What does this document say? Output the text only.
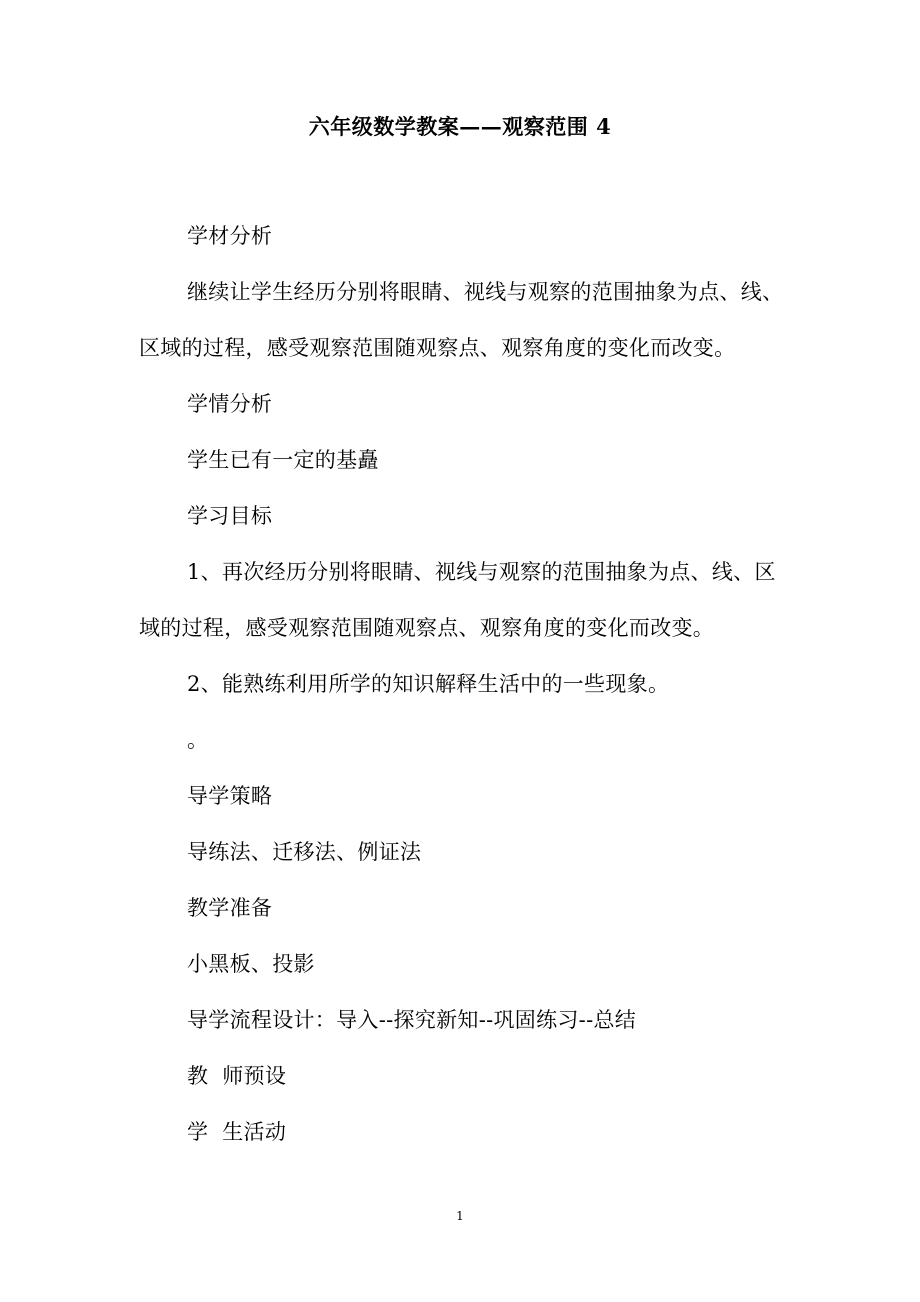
六年级数学教案——观察范围 4
学材分析
继续让学生经历分别将眼睛、视线与观察的范围抽象为点、线、
区域的过程，感受观察范围随观察点、观察角度的变化而改变。
学情分析
学生已有一定的基矗
学习目标
1、再次经历分别将眼睛、视线与观察的范围抽象为点、线、区
域的过程，感受观察范围随观察点、观察角度的变化而改变。
2、能熟练利用所学的知识解释生活中的一些现象。
。
导学策略
导练法、迁移法、例证法
教学准备
小黑板、投影
导学流程设计：导入--探究新知--巩固练习--总结
教  师预设
学  生活动
1
